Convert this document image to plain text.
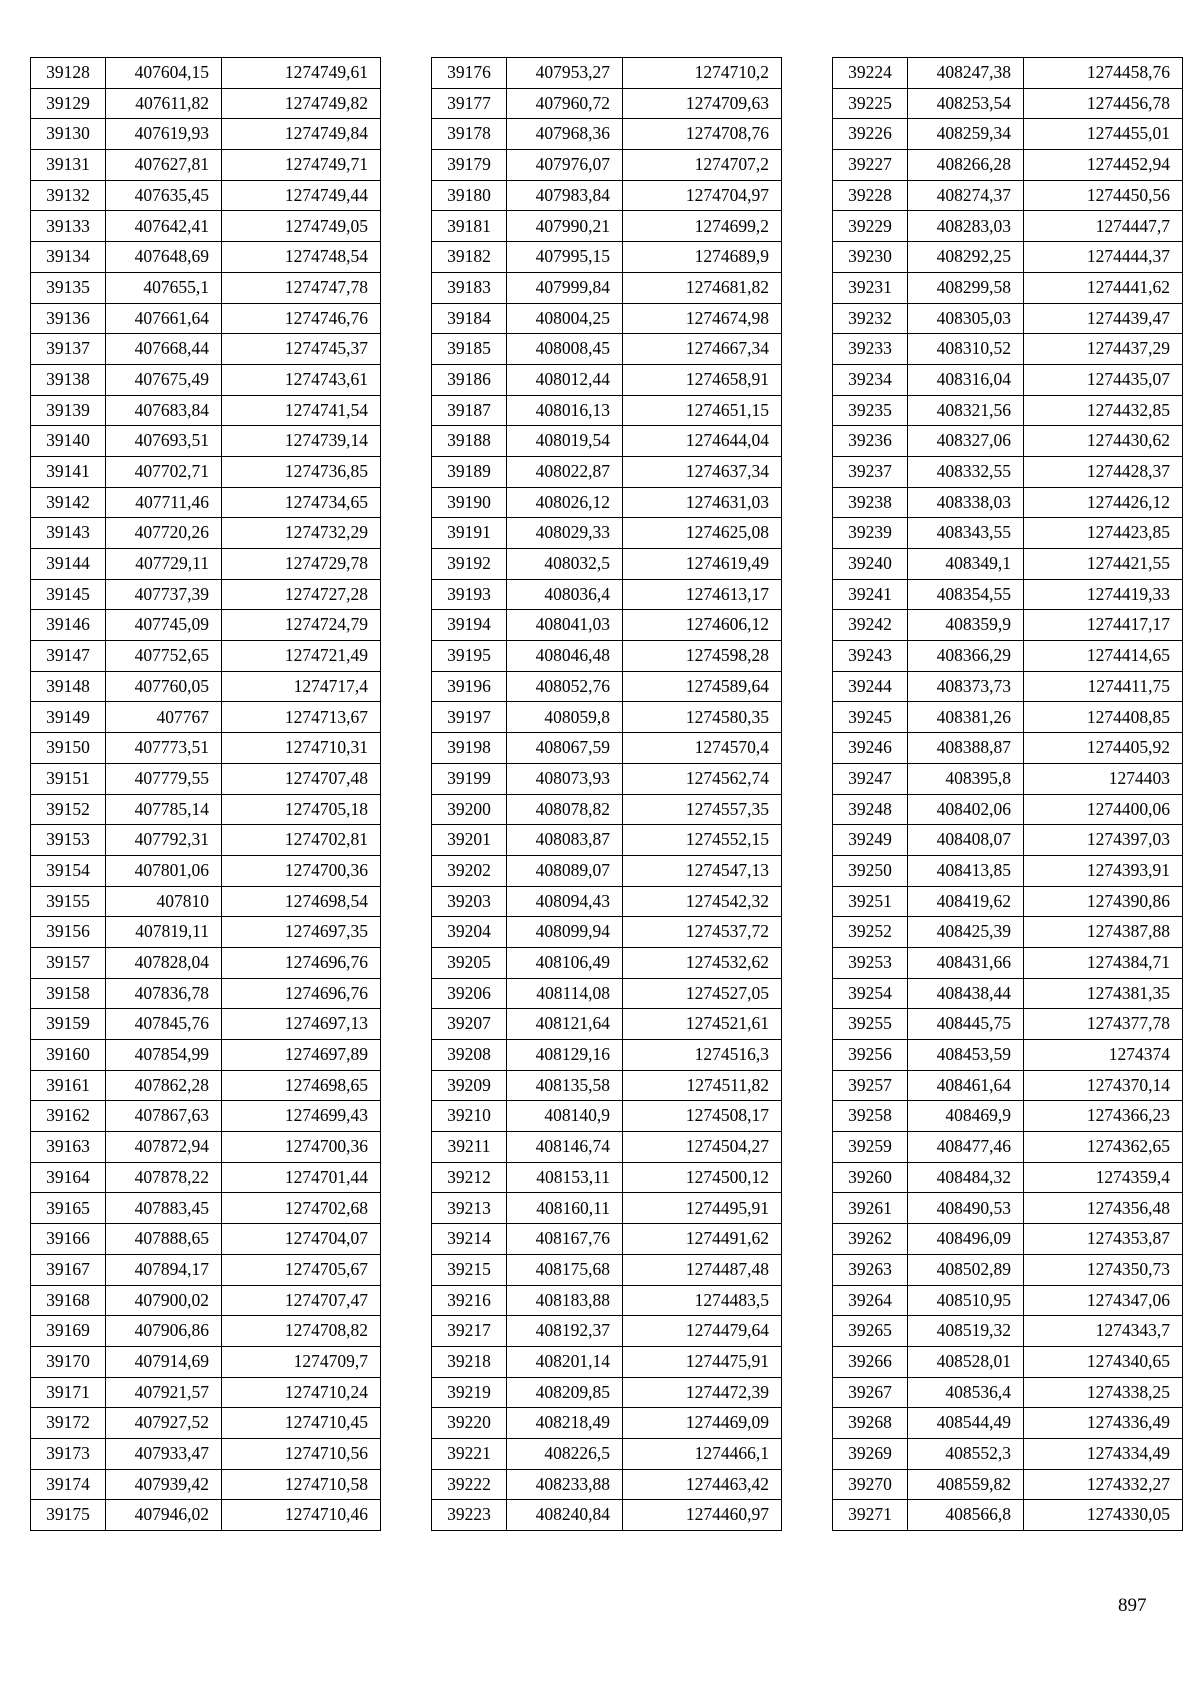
39128	407604,15	1274749,61
39129	407611,82	1274749,82
39130	407619,93	1274749,84
39131	407627,81	1274749,71
39132	407635,45	1274749,44
39133	407642,41	1274749,05
39134	407648,69	1274748,54
39135	407655,1	1274747,78
39136	407661,64	1274746,76
39137	407668,44	1274745,37
39138	407675,49	1274743,61
39139	407683,84	1274741,54
39140	407693,51	1274739,14
39141	407702,71	1274736,85
39142	407711,46	1274734,65
39143	407720,26	1274732,29
39144	407729,11	1274729,78
39145	407737,39	1274727,28
39146	407745,09	1274724,79
39147	407752,65	1274721,49
39148	407760,05	1274717,4
39149	407767	1274713,67
39150	407773,51	1274710,31
39151	407779,55	1274707,48
39152	407785,14	1274705,18
39153	407792,31	1274702,81
39154	407801,06	1274700,36
39155	407810	1274698,54
39156	407819,11	1274697,35
39157	407828,04	1274696,76
39158	407836,78	1274696,76
39159	407845,76	1274697,13
39160	407854,99	1274697,89
39161	407862,28	1274698,65
39162	407867,63	1274699,43
39163	407872,94	1274700,36
39164	407878,22	1274701,44
39165	407883,45	1274702,68
39166	407888,65	1274704,07
39167	407894,17	1274705,67
39168	407900,02	1274707,47
39169	407906,86	1274708,82
39170	407914,69	1274709,7
39171	407921,57	1274710,24
39172	407927,52	1274710,45
39173	407933,47	1274710,56
39174	407939,42	1274710,58
39175	407946,02	1274710,46
39176	407953,27	1274710,2
39177	407960,72	1274709,63
39178	407968,36	1274708,76
39179	407976,07	1274707,2
39180	407983,84	1274704,97
39181	407990,21	1274699,2
39182	407995,15	1274689,9
39183	407999,84	1274681,82
39184	408004,25	1274674,98
39185	408008,45	1274667,34
39186	408012,44	1274658,91
39187	408016,13	1274651,15
39188	408019,54	1274644,04
39189	408022,87	1274637,34
39190	408026,12	1274631,03
39191	408029,33	1274625,08
39192	408032,5	1274619,49
39193	408036,4	1274613,17
39194	408041,03	1274606,12
39195	408046,48	1274598,28
39196	408052,76	1274589,64
39197	408059,8	1274580,35
39198	408067,59	1274570,4
39199	408073,93	1274562,74
39200	408078,82	1274557,35
39201	408083,87	1274552,15
39202	408089,07	1274547,13
39203	408094,43	1274542,32
39204	408099,94	1274537,72
39205	408106,49	1274532,62
39206	408114,08	1274527,05
39207	408121,64	1274521,61
39208	408129,16	1274516,3
39209	408135,58	1274511,82
39210	408140,9	1274508,17
39211	408146,74	1274504,27
39212	408153,11	1274500,12
39213	408160,11	1274495,91
39214	408167,76	1274491,62
39215	408175,68	1274487,48
39216	408183,88	1274483,5
39217	408192,37	1274479,64
39218	408201,14	1274475,91
39219	408209,85	1274472,39
39220	408218,49	1274469,09
39221	408226,5	1274466,1
39222	408233,88	1274463,42
39223	408240,84	1274460,97
39224	408247,38	1274458,76
39225	408253,54	1274456,78
39226	408259,34	1274455,01
39227	408266,28	1274452,94
39228	408274,37	1274450,56
39229	408283,03	1274447,7
39230	408292,25	1274444,37
39231	408299,58	1274441,62
39232	408305,03	1274439,47
39233	408310,52	1274437,29
39234	408316,04	1274435,07
39235	408321,56	1274432,85
39236	408327,06	1274430,62
39237	408332,55	1274428,37
39238	408338,03	1274426,12
39239	408343,55	1274423,85
39240	408349,1	1274421,55
39241	408354,55	1274419,33
39242	408359,9	1274417,17
39243	408366,29	1274414,65
39244	408373,73	1274411,75
39245	408381,26	1274408,85
39246	408388,87	1274405,92
39247	408395,8	1274403
39248	408402,06	1274400,06
39249	408408,07	1274397,03
39250	408413,85	1274393,91
39251	408419,62	1274390,86
39252	408425,39	1274387,88
39253	408431,66	1274384,71
39254	408438,44	1274381,35
39255	408445,75	1274377,78
39256	408453,59	1274374
39257	408461,64	1274370,14
39258	408469,9	1274366,23
39259	408477,46	1274362,65
39260	408484,32	1274359,4
39261	408490,53	1274356,48
39262	408496,09	1274353,87
39263	408502,89	1274350,73
39264	408510,95	1274347,06
39265	408519,32	1274343,7
39266	408528,01	1274340,65
39267	408536,4	1274338,25
39268	408544,49	1274336,49
39269	408552,3	1274334,49
39270	408559,82	1274332,27
39271	408566,8	1274330,05
897
